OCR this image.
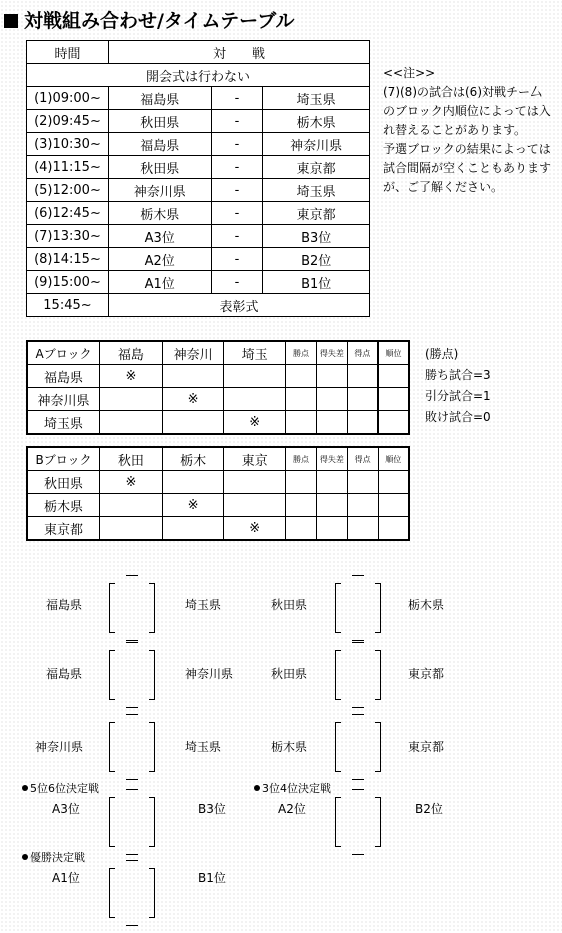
対戦組み合わせ/タイムテーブル
時間	対　　戦		
開会式は行わない			
(1)09:00~	福島県	-	埼玉県
(2)09:45~	秋田県	-	栃木県
(3)10:30~	福島県	-	神奈川県
(4)11:15~	秋田県	-	東京都
(5)12:00~	神奈川県	-	埼玉県
(6)12:45~	栃木県	-	東京都
(7)13:30~	A3位	-	B3位
(8)14:15~	A2位	-	B2位
(9)15:00~	A1位	-	B1位
15:45~	表彰式		
<<注>>
(7)(8)の試合は(6)対戦チー厶
のブロック内順位によっては入
れ替えることがあります。
予選ブロックの結果によっては
試合間隔が空くこともあります
が、ご了解ください。
Aブロック	福島	神奈川	埼玉	勝点	得失差	得点	順位
福島県	※						
神奈川県		※					
埼玉県			※				
(勝点)
勝ち試合=3
引分試合=1
敗け試合=0
Bブロック	秋田	栃木	東京	勝点	得失差	得点	順位
秋田県	※						
栃木県		※					
東京都			※				
福島県	埼玉県	秋田県	栃木県
福島県	神奈川県	秋田県	東京都
神奈川県	埼玉県	栃木県	東京都
5位6位決定戦
A3位	B3位
3位4位決定戦
A2位	B2位
優勝決定戦
A1位	B1位
